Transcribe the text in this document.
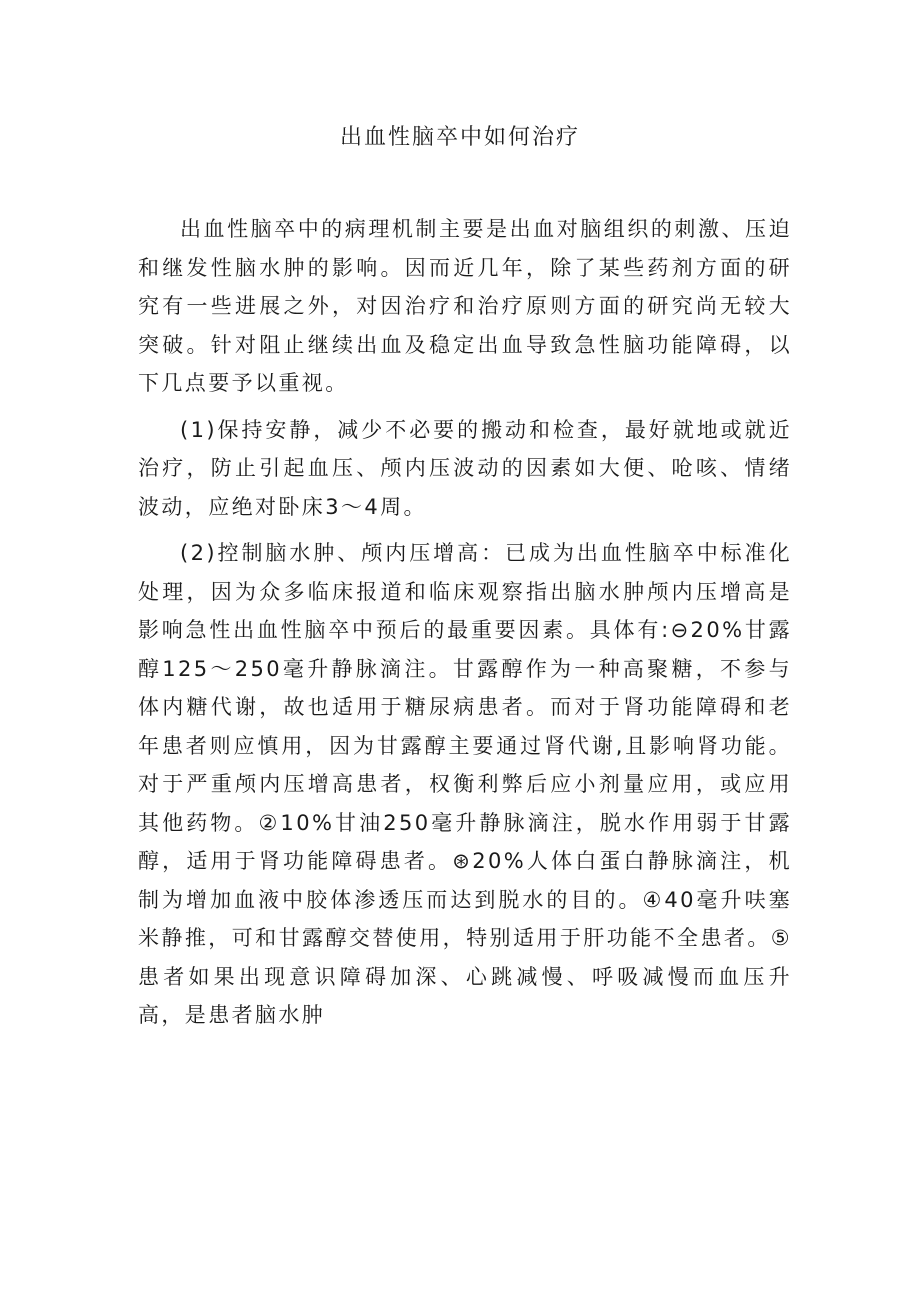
出血性脑卒中如何治疗

出血性脑卒中的病理机制主要是出血对脑组织的刺激、压迫和继发性脑水肿的影响。因而近几年，除了某些药剂方面的研究有一些进展之外，对因治疗和治疗原则方面的研究尚无较大突破。针对阻止继续出血及稳定出血导致急性脑功能障碍，以下几点要予以重视。

(1)保持安静，减少不必要的搬动和检查，最好就地或就近治疗，防止引起血压、颅内压波动的因素如大便、呛咳、情绪波动，应绝对卧床3～4周。

(2)控制脑水肿、颅内压增高：已成为出血性脑卒中标准化处理，因为众多临床报道和临床观察指出脑水肿颅内压增高是影响急性出血性脑卒中预后的最重要因素。具体有:⊖20%甘露醇125～250毫升静脉滴注。甘露醇作为一种高聚糖，不参与体内糖代谢，故也适用于糖尿病患者。而对于肾功能障碍和老年患者则应慎用，因为甘露醇主要通过肾代谢,且影响肾功能。对于严重颅内压增高患者，权衡利弊后应小剂量应用，或应用其他药物。②10%甘油250毫升静脉滴注，脱水作用弱于甘露醇，适用于肾功能障碍患者。⊛20%人体白蛋白静脉滴注，机制为增加血液中胶体渗透压而达到脱水的目的。④40毫升呋塞米静推，可和甘露醇交替使用，特别适用于肝功能不全患者。⑤患者如果出现意识障碍加深、心跳减慢、呼吸减慢而血压升高，是患者脑水肿
